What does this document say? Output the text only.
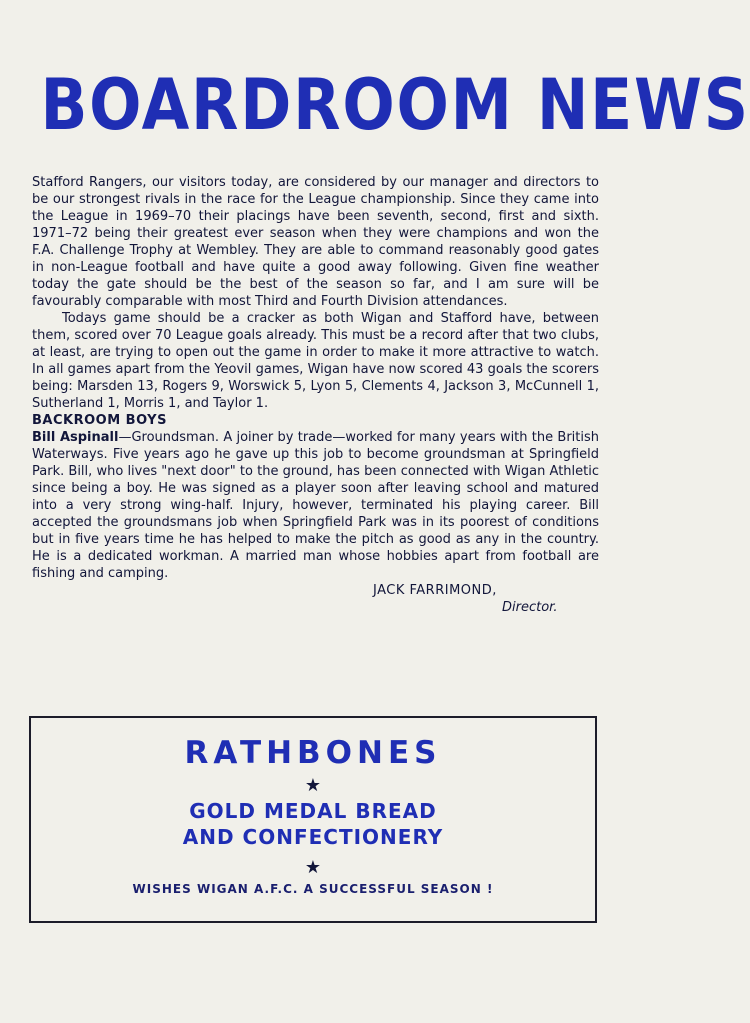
BOARDROOM NEWS

Stafford Rangers, our visitors today, are considered by our manager and directors to be our strongest rivals in the race for the League championship. Since they came into the League in 1969–70 their placings have been seventh, second, first and sixth. 1971–72 being their greatest ever season when they were champions and won the F.A. Challenge Trophy at Wembley. They are able to command reasonably good gates in non-League football and have quite a good away following. Given fine weather today the gate should be the best of the season so far, and I am sure will be favourably comparable with most Third and Fourth Division attendances.

Todays game should be a cracker as both Wigan and Stafford have, between them, scored over 70 League goals already. This must be a record after that two clubs, at least, are trying to open out the game in order to make it more attractive to watch. In all games apart from the Yeovil games, Wigan have now scored 43 goals the scorers being: Marsden 13, Rogers 9, Worswick 5, Lyon 5, Clements 4, Jackson 3, McCunnell 1, Sutherland 1, Morris 1, and Taylor 1.

BACKROOM BOYS

Bill Aspinall—Groundsman. A joiner by trade—worked for many years with the British Waterways. Five years ago he gave up this job to become groundsman at Springfield Park. Bill, who lives "next door" to the ground, has been connected with Wigan Athletic since being a boy. He was signed as a player soon after leaving school and matured into a very strong wing-half. Injury, however, terminated his playing career. Bill accepted the groundsmans job when Springfield Park was in its poorest of conditions but in five years time he has helped to make the pitch as good as any in the country. He is a dedicated workman. A married man whose hobbies apart from football are fishing and camping.

JACK FARRIMOND,

Director.

RATHBONES
★
GOLD MEDAL BREAD
AND CONFECTIONERY
★
WISHES WIGAN A.F.C. A SUCCESSFUL SEASON !
